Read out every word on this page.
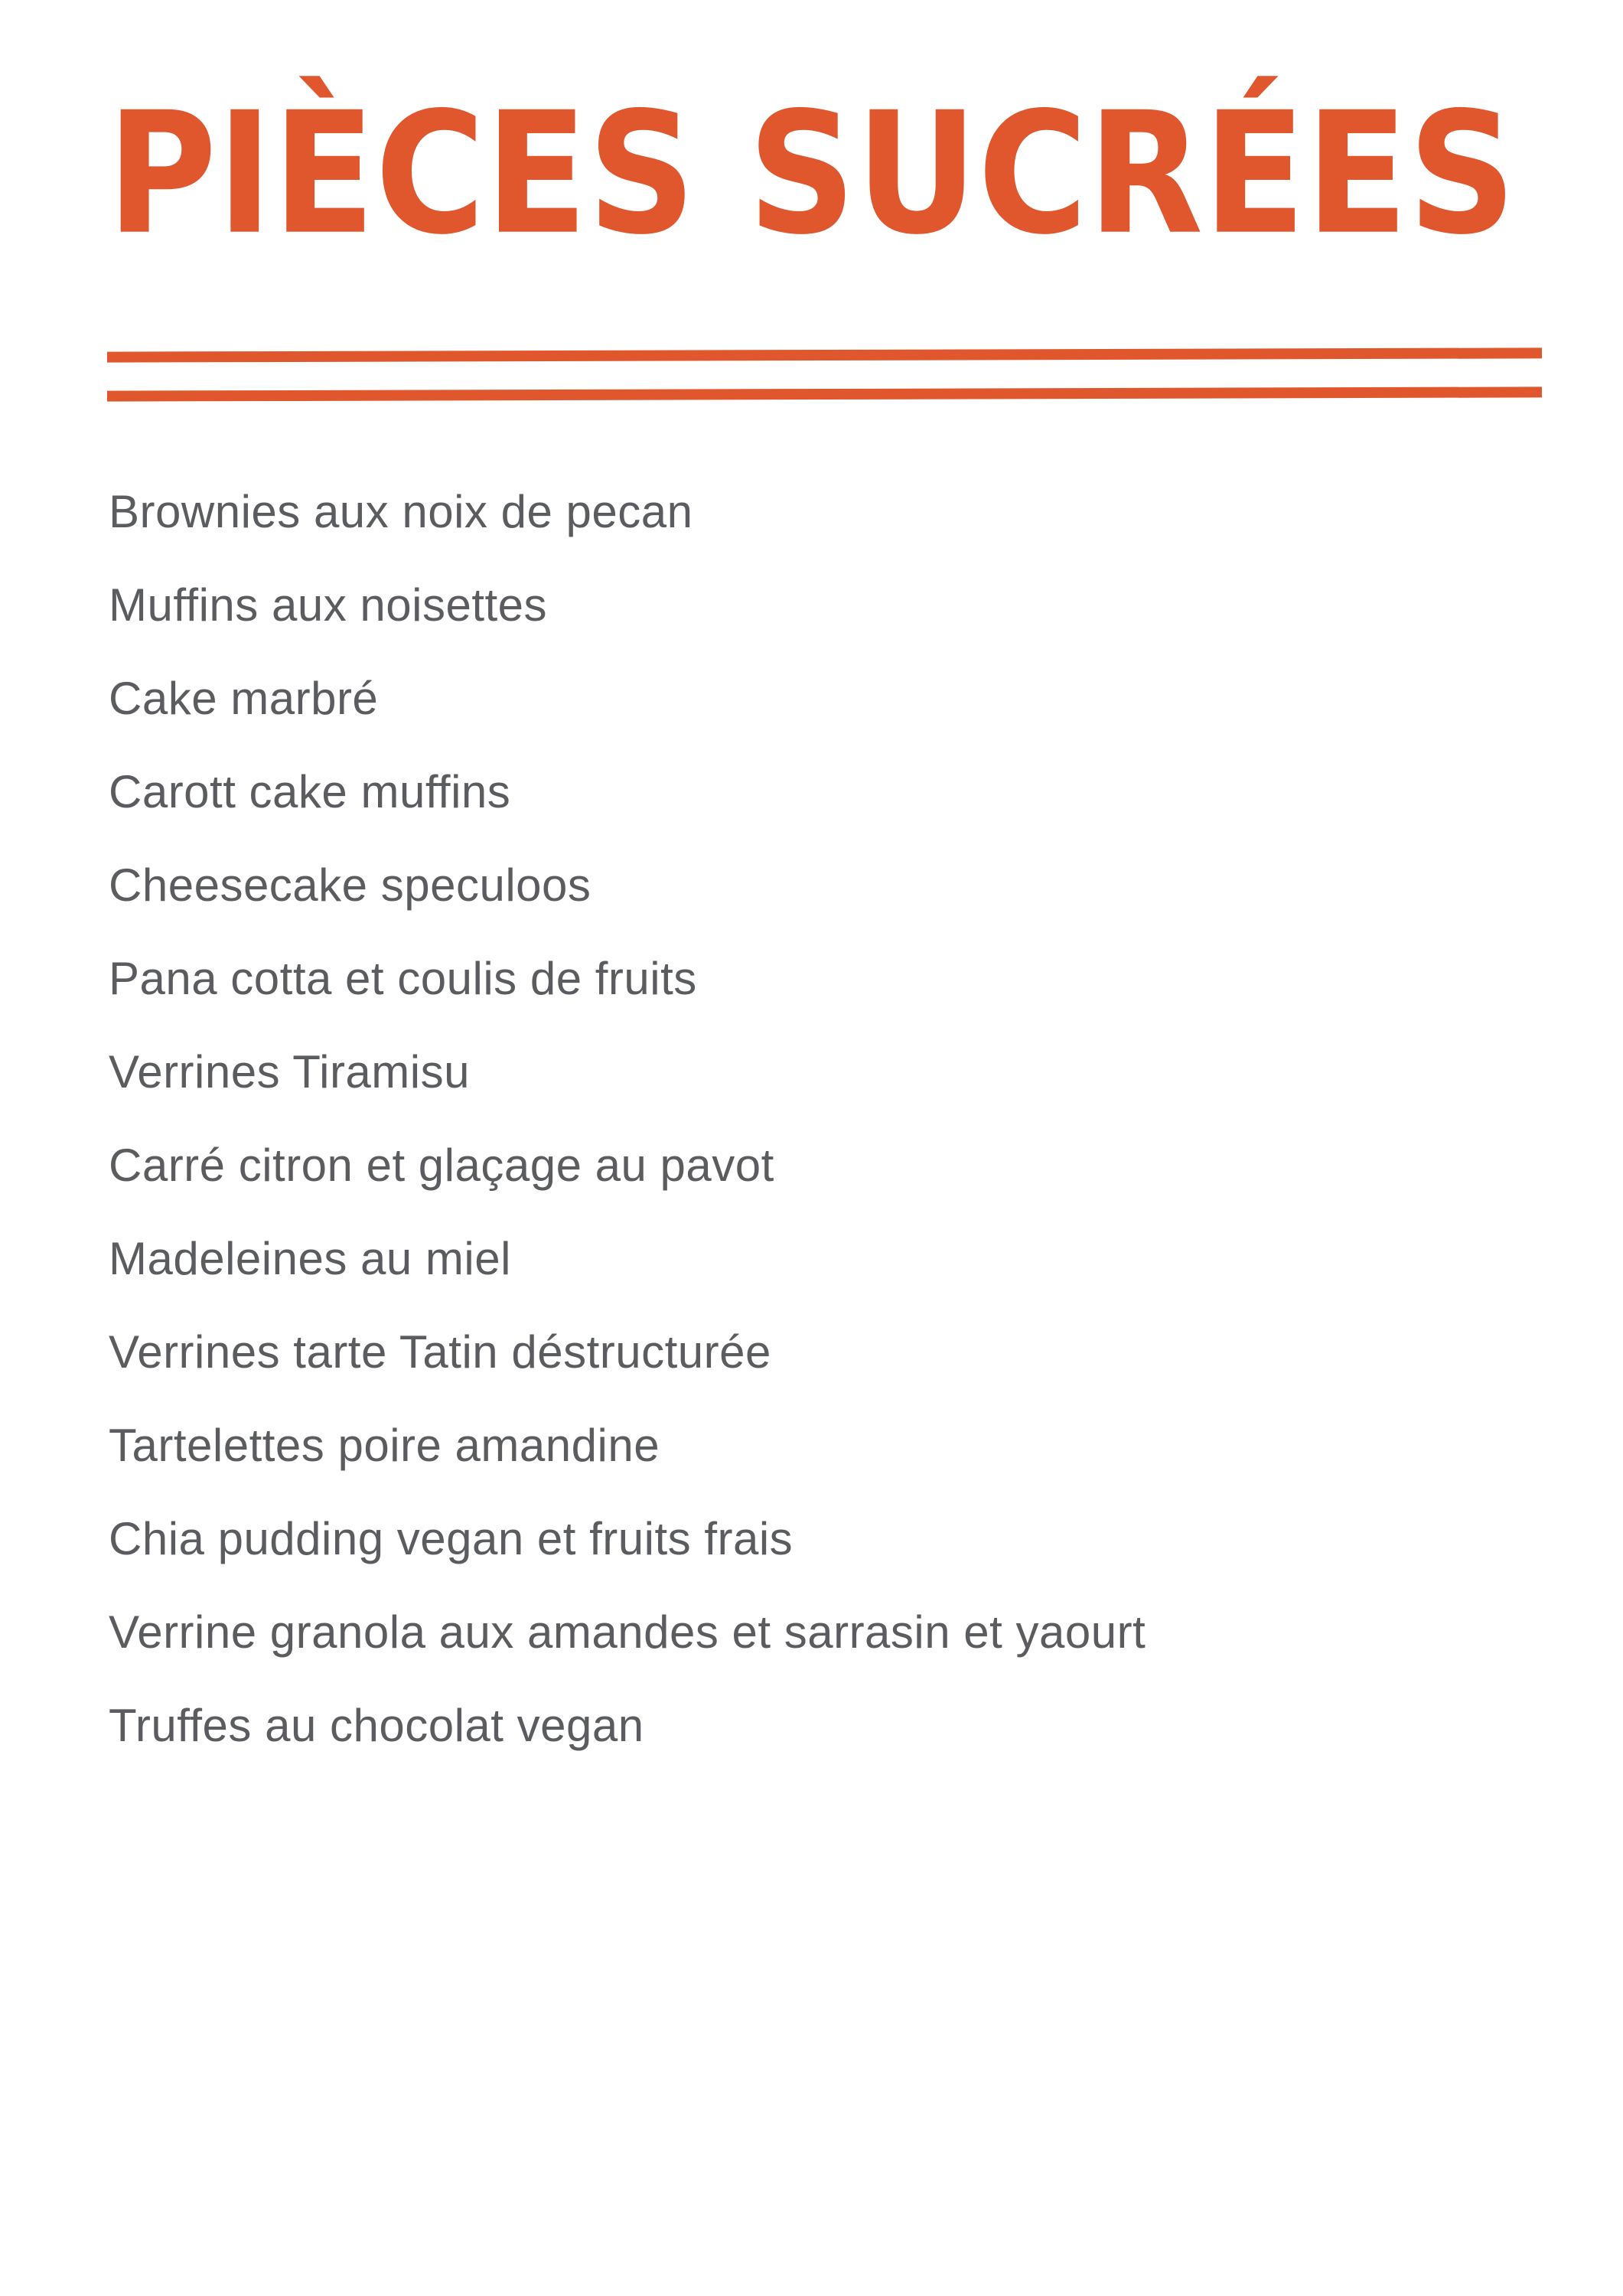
PIÈCES SUCRÉES
Brownies aux noix de pecan
Muffins aux noisettes
Cake marbré
Carott cake muffins
Cheesecake speculoos
Pana cotta et coulis de fruits
Verrines Tiramisu
Carré citron et glaçage au pavot
Madeleines au miel
Verrines tarte Tatin déstructurée
Tartelettes poire amandine
Chia pudding vegan et fruits frais
Verrine granola aux amandes et sarrasin et yaourt
Truffes au chocolat vegan
